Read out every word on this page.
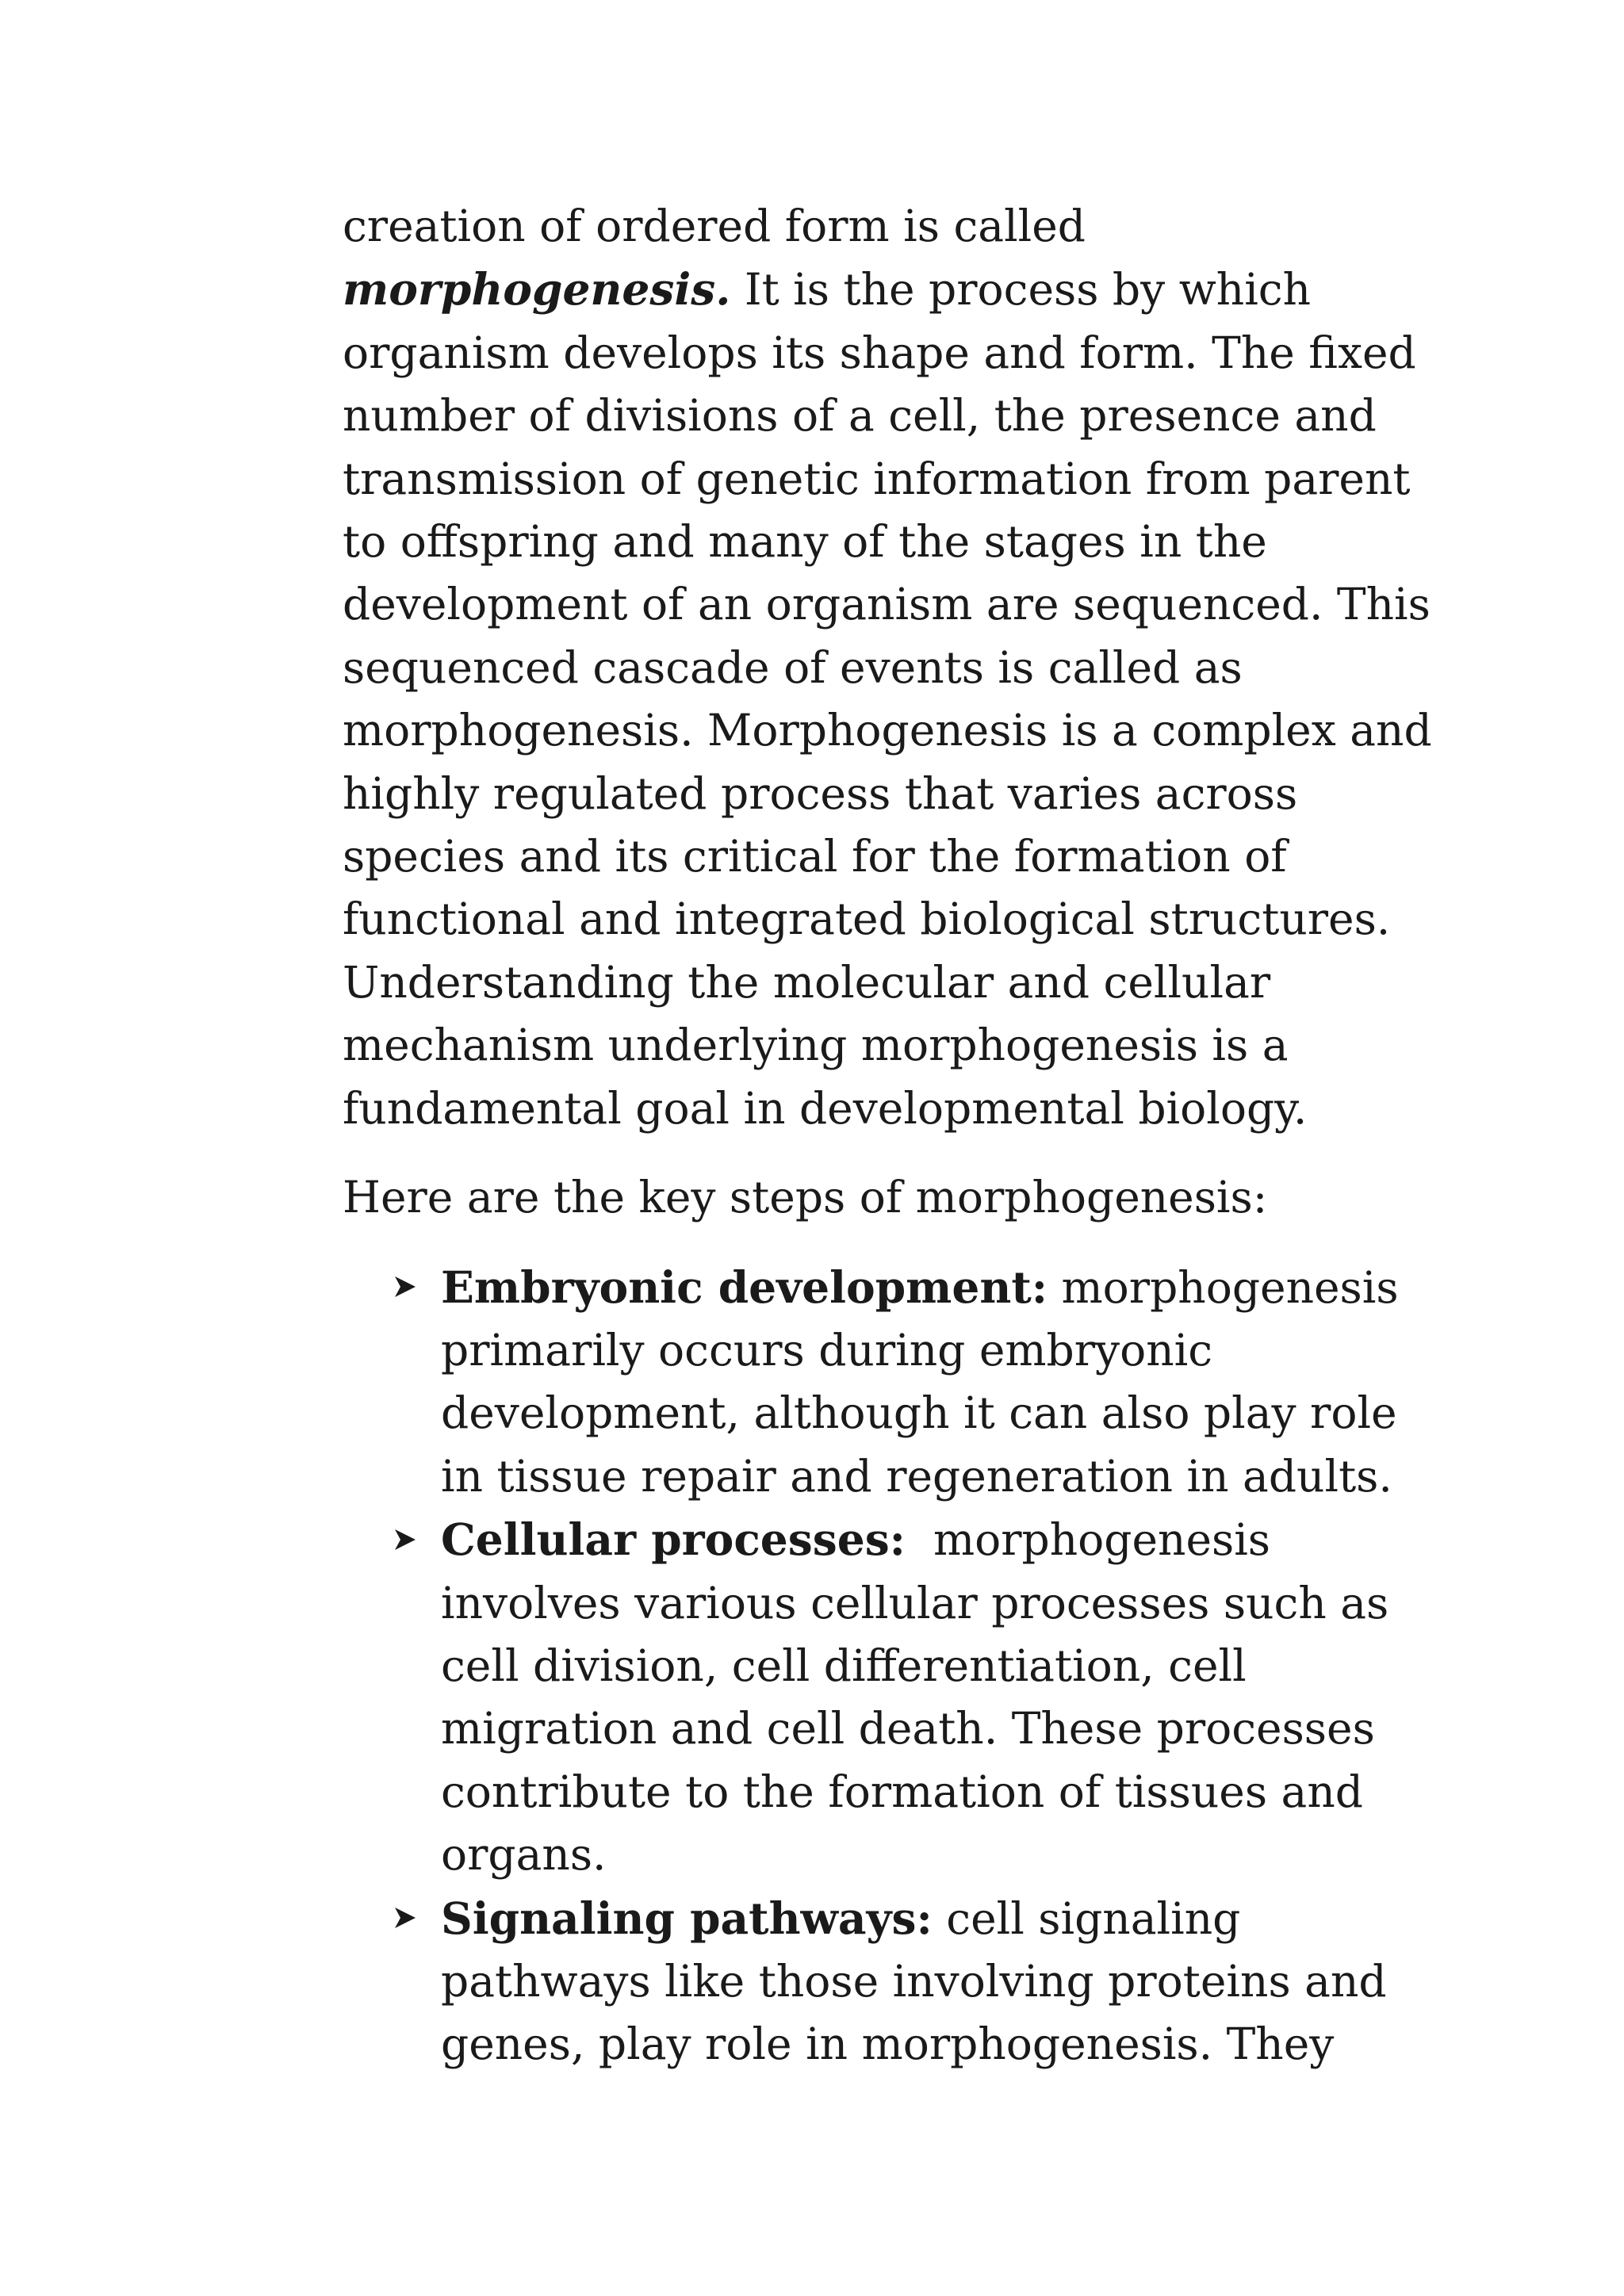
creation of ordered form is called
morphogenesis. It is the process by which
organism develops its shape and form. The fixed
number of divisions of a cell, the presence and
transmission of genetic information from parent
to offspring and many of the stages in the
development of an organism are sequenced. This
sequenced cascade of events is called as
morphogenesis. Morphogenesis is a complex and
highly regulated process that varies across
species and its critical for the formation of
functional and integrated biological structures.
Understanding the molecular and cellular
mechanism underlying morphogenesis is a
fundamental goal in developmental biology.

Here are the key steps of morphogenesis:

Embryonic development: morphogenesis
primarily occurs during embryonic
development, although it can also play role
in tissue repair and regeneration in adults.
Cellular processes:  morphogenesis
involves various cellular processes such as
cell division, cell differentiation, cell
migration and cell death. These processes
contribute to the formation of tissues and
organs.
Signaling pathways: cell signaling
pathways like those involving proteins and
genes, play role in morphogenesis. They
